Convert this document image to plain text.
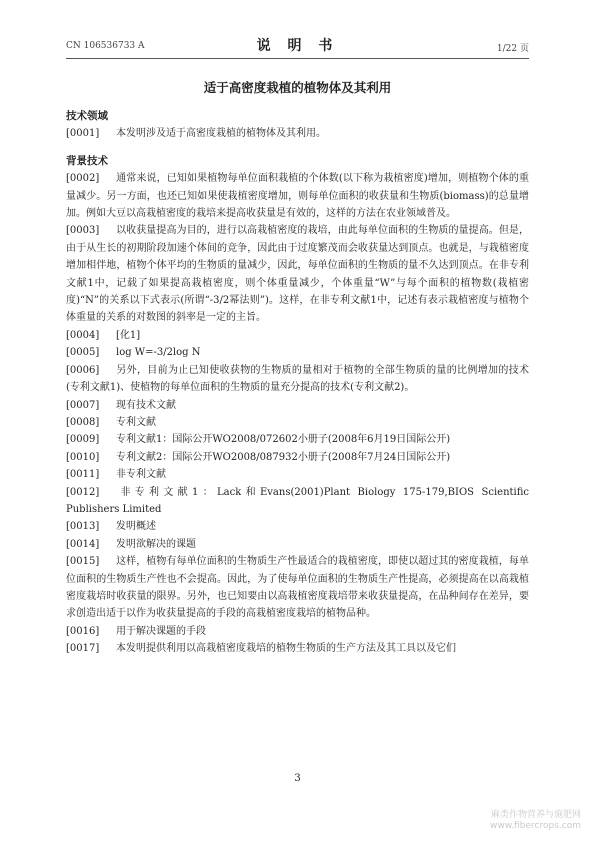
CN 106536733 A	说 明 书	1/22 页
适于高密度栽植的植物体及其利用

技术领域

[0001] 本发明涉及适于高密度栽植的植物体及其利用。

背景技术

[0002] 通常来说，已知如果植物每单位面积栽植的个体数(以下称为栽植密度)增加，则植物个体的重量减少。另一方面，也还已知如果使栽植密度增加，则每单位面积的收获量和生物质(biomass)的总量增加。例如大豆以高栽植密度的栽培来提高收获量是有效的，这样的方法在农业领域普及。

[0003] 以收获量提高为目的，进行以高栽植密度的栽培，由此每单位面积的生物质的量提高。但是，由于从生长的初期阶段加速个体间的竞争，因此由于过度繁茂而会收获量达到顶点。也就是，与栽植密度增加相伴地，植物个体平均的生物质的量减少，因此，每单位面积的生物质的量不久达到顶点。在非专利文献1中，记载了如果提高栽植密度，则个体重量减少，个体重量“W”与每个面积的植物数(栽植密度)“N”的关系以下式表示(所谓“-3/2幂法则”)。这样，在非专利文献1中，记述有表示栽植密度与植物个体重量的关系的对数图的斜率是一定的主旨。

[0004] [化1]

[0005] log W=-3/2log N

[0006] 另外，目前为止已知使收获物的生物质的量相对于植物的全部生物质的量的比例增加的技术(专利文献1)、使植物的每单位面积的生物质的量充分提高的技术(专利文献2)。

[0007] 现有技术文献

[0008] 专利文献

[0009] 专利文献1：国际公开WO2008/072602小册子(2008年6月19日国际公开)

[0010] 专利文献2：国际公开WO2008/087932小册子(2008年7月24日国际公开)

[0011] 非专利文献

[0012] 非专利文献1：Lack和Evans(2001)Plant Biology 175-179,BIOS Scientific Publishers Limited

[0013] 发明概述

[0014] 发明欲解决的课题

[0015] 这样，植物有每单位面积的生物质生产性最适合的栽植密度，即使以超过其的密度栽植，每单位面积的生物质生产性也不会提高。因此，为了使每单位面积的生物质生产性提高，必须提高在以高栽植密度栽培时收获量的限界。另外，也已知要由以高栽植密度栽培带来收获量提高，在品种间存在差异，要求创造出适于以作为收获量提高的手段的高栽植密度栽培的植物品种。

[0016] 用于解决课题的手段

[0017] 本发明提供利用以高栽植密度栽培的植物生物质的生产方法及其工具以及它们

3
麻类作物营养与施肥网
www.fibercrops.com
